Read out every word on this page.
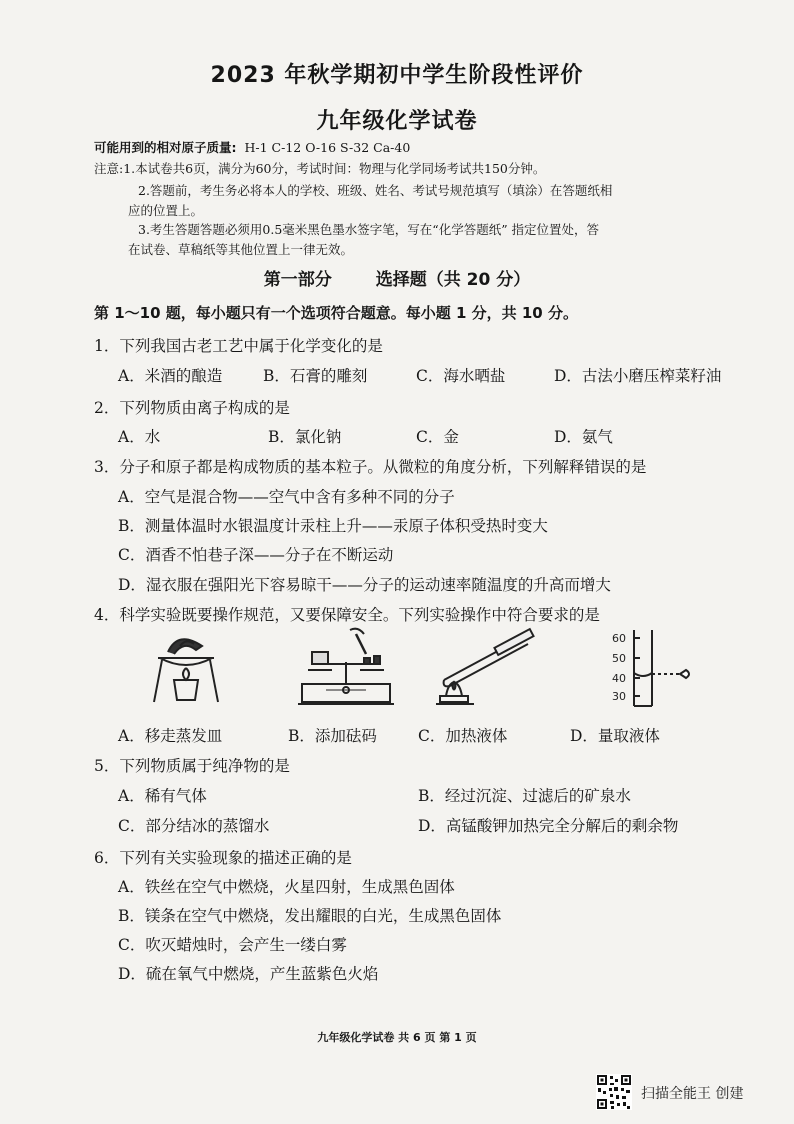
2023 年秋学期初中学生阶段性评价
九年级化学试卷
可能用到的相对原子质量: H-1 C-12 O-16 S-32 Ca-40
注意:1.本试卷共6页，满分为60分，考试时间：物理与化学同场考试共150分钟。
2.答题前，考生务必将本人的学校、班级、姓名、考试号规范填写（填涂）在答题纸相
应的位置上。
3.考生答题答题必须用0.5毫米黑色墨水签字笔，写在“化学答题纸” 指定位置处，答
在试卷、草稿纸等其他位置上一律无效。
第一部分	选择题（共 20 分）
第 1～10 题，每小题只有一个选项符合题意。每小题 1 分，共 10 分。
1．下列我国古老工艺中属于化学变化的是
A．米酒的酿造	B．石膏的雕刻	C．海水晒盐	D．古法小磨压榨菜籽油
2．下列物质由离子构成的是
A．水	B．氯化钠	C．金	D．氨气
3．分子和原子都是构成物质的基本粒子。从微粒的角度分析，下列解释错误的是
A．空气是混合物——空气中含有多种不同的分子
B．测量体温时水银温度计汞柱上升——汞原子体积受热时变大
C．酒香不怕巷子深——分子在不断运动
D．湿衣服在强阳光下容易晾干——分子的运动速率随温度的升高而增大
4．科学实验既要操作规范，又要保障安全。下列实验操作中符合要求的是
60
50
40
30
A．移走蒸发皿	B．添加砝码	C．加热液体	D．量取液体
5．下列物质属于纯净物的是
A．稀有气体	B．经过沉淀、过滤后的矿泉水
C．部分结冰的蒸馏水	D．高锰酸钾加热完全分解后的剩余物
6．下列有关实验现象的描述正确的是
A．铁丝在空气中燃烧，火星四射，生成黑色固体
B．镁条在空气中燃烧，发出耀眼的白光，生成黑色固体
C．吹灭蜡烛时，会产生一缕白雾
D．硫在氧气中燃烧，产生蓝紫色火焰
九年级化学试卷 共 6 页 第 1 页
扫描全能王 创建
